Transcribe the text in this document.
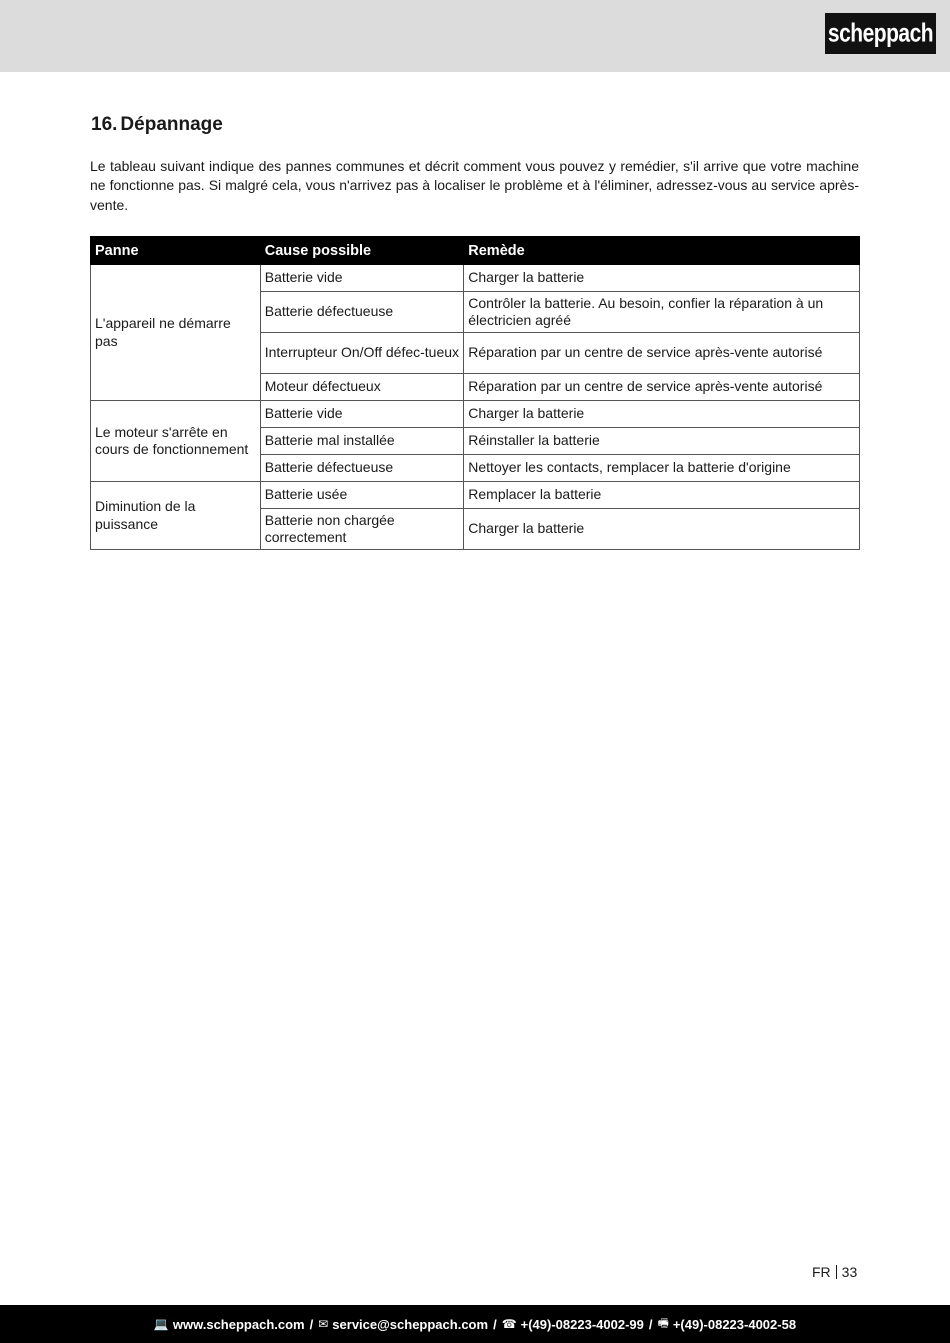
scheppach
16. Dépannage

Le tableau suivant indique des pannes communes et décrit comment vous pouvez y remédier, s'il arrive que votre machine ne fonctionne pas. Si malgré cela, vous n'arrivez pas à localiser le problème et à l'éliminer, adressez-vous au service après-vente.

Panne	Cause possible	Remède
L'appareil ne démarre pas	Batterie vide	Charger la batterie
	Batterie défectueuse	Contrôler la batterie. Au besoin, confier la réparation à un électricien agréé
	Interrupteur On/Off défec-tueux	Réparation par un centre de service après-vente autorisé
	Moteur défectueux	Réparation par un centre de service après-vente autorisé
Le moteur s'arrête en cours de fonctionnement	Batterie vide	Charger la batterie
	Batterie mal installée	Réinstaller la batterie
	Batterie défectueuse	Nettoyer les contacts, remplacer la batterie d'origine
Diminution de la puissance	Batterie usée	Remplacer la batterie
	Batterie non chargée correctement	Charger la batterie
FR 33
💻 www.scheppach.com / ✉ service@scheppach.com / ☎ +(49)-08223-4002-99 / 🖷 +(49)-08223-4002-58
